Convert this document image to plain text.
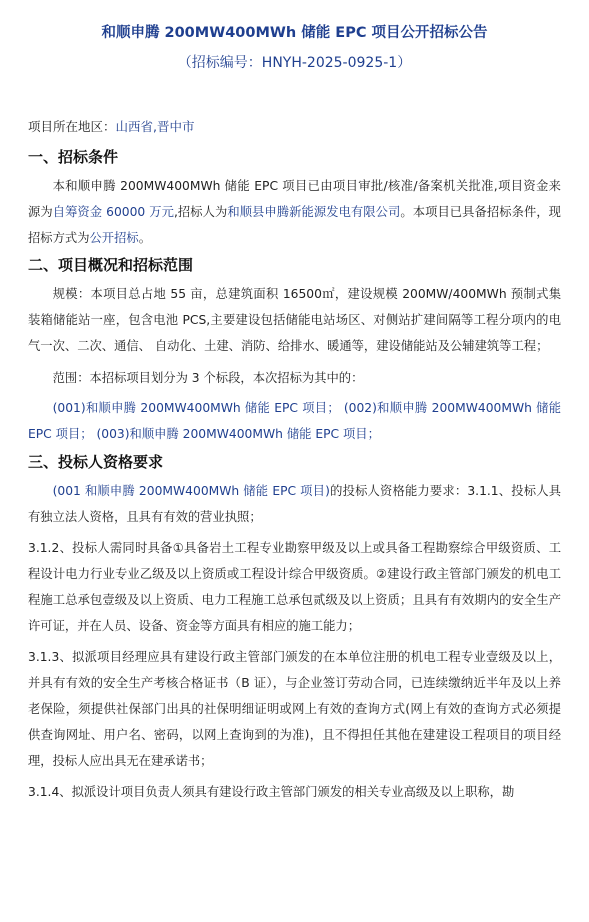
和顺申腾 200MW400MWh 储能 EPC 项目公开招标公告

（招标编号：HNYH-2025-0925-1）

项目所在地区：山西省,晋中市

一、招标条件

本和顺申腾 200MW400MWh 储能 EPC 项目已由项目审批/核准/备案机关批准,项目资金来源为自筹资金 60000 万元,招标人为和顺县申腾新能源发电有限公司。本项目已具备招标条件，现招标方式为公开招标。

二、项目概况和招标范围

规模：本项目总占地 55 亩，总建筑面积 16500㎡，建设规模 200MW/400MWh 预制式集装箱储能站一座，包含电池 PCS,主要建设包括储能电站场区、对侧站扩建间隔等工程分项内的电气一次、二次、通信、 自动化、土建、消防、给排水、暖通等，建设储能站及公辅建筑等工程；

范围：本招标项目划分为 3 个标段，本次招标为其中的：

(001)和顺申腾 200MW400MWh 储能 EPC 项目； (002)和顺申腾 200MW400MWh 储能 EPC 项目； (003)和顺申腾 200MW400MWh 储能 EPC 项目；

三、投标人资格要求

(001 和顺申腾 200MW400MWh 储能 EPC 项目)的投标人资格能力要求：3.1.1、投标人具有独立法人资格，且具有有效的营业执照；

3.1.2、投标人需同时具备①具备岩土工程专业勘察甲级及以上或具备工程勘察综合甲级资质、工程设计电力行业专业乙级及以上资质或工程设计综合甲级资质。②建设行政主管部门颁发的机电工程施工总承包壹级及以上资质、电力工程施工总承包贰级及以上资质；且具有有效期内的安全生产许可证，并在人员、设备、资金等方面具有相应的施工能力；

3.1.3、拟派项目经理应具有建设行政主管部门颁发的在本单位注册的机电工程专业壹级及以上，并具有有效的安全生产考核合格证书（B 证），与企业签订劳动合同，已连续缴纳近半年及以上养老保险，须提供社保部门出具的社保明细证明或网上有效的查询方式(网上有效的查询方式必须提供查询网址、用户名、密码，以网上查询到的为准)，且不得担任其他在建建设工程项目的项目经理，投标人应出具无在建承诺书；

3.1.4、拟派设计项目负责人须具有建设行政主管部门颁发的相关专业高级及以上职称，勘
